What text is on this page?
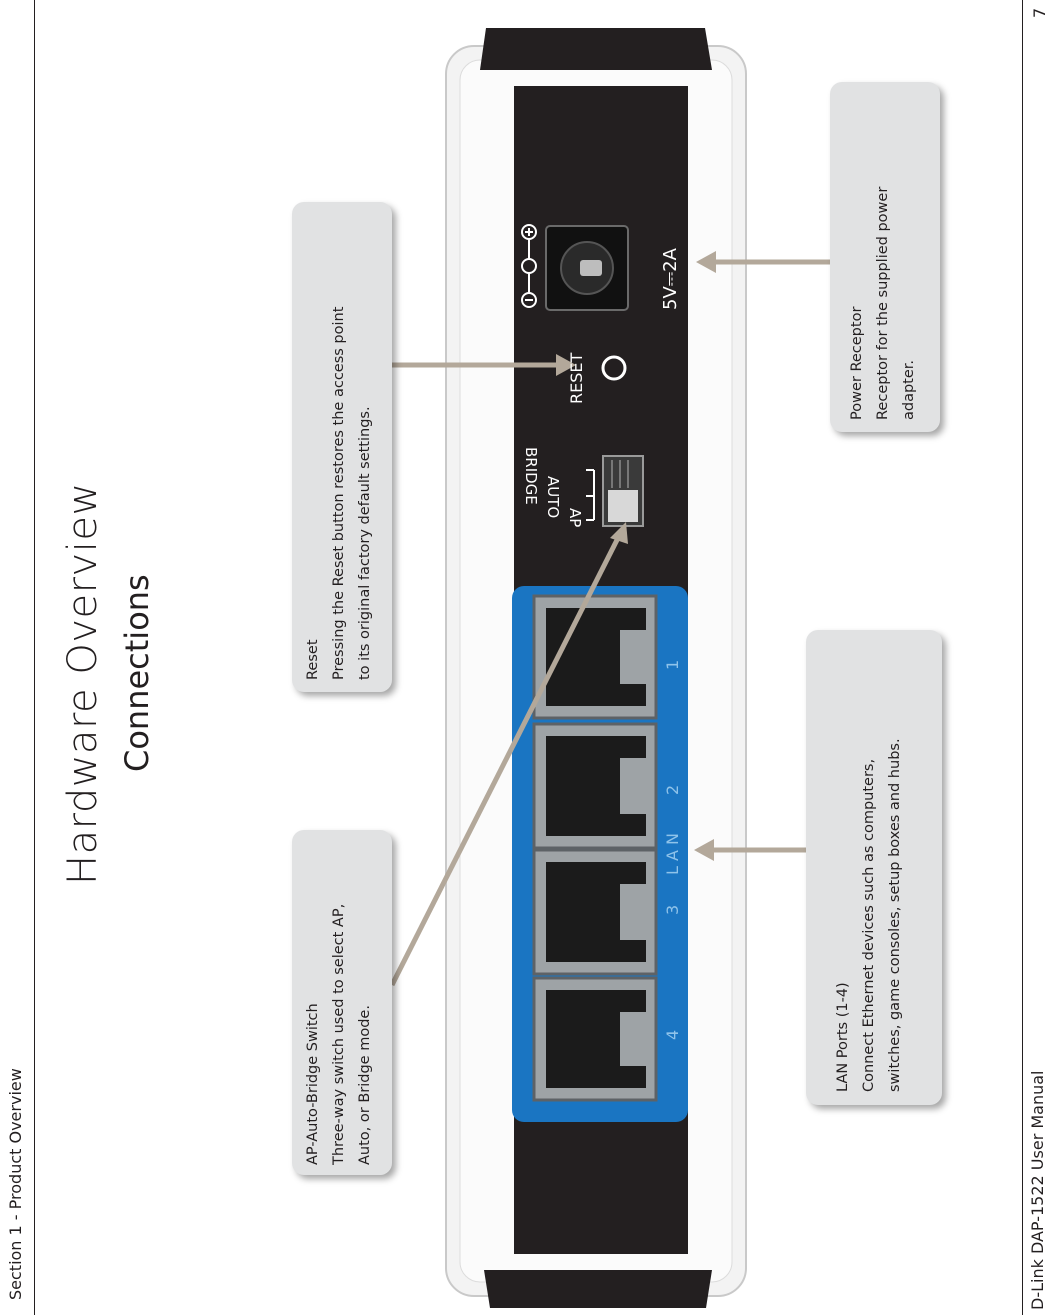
Section 1 - Product Overview	D-Link DAP-1522 User Manual
7
Hardware Overview Connections	1
2
L A N
3
4
5V⎓2A
RESET
AP
AUTO
BRIDGE
Reset Pressing the Reset button restores the access point to its original factory default settings.
AP-Auto-Bridge Switch Three-way switch used to select AP, Auto, or Bridge mode.
Power Receptor Receptor for the supplied power adapter.
LAN Ports (1-4) Connect Ethernet devices such as computers, switches, game consoles, setup boxes and hubs.
